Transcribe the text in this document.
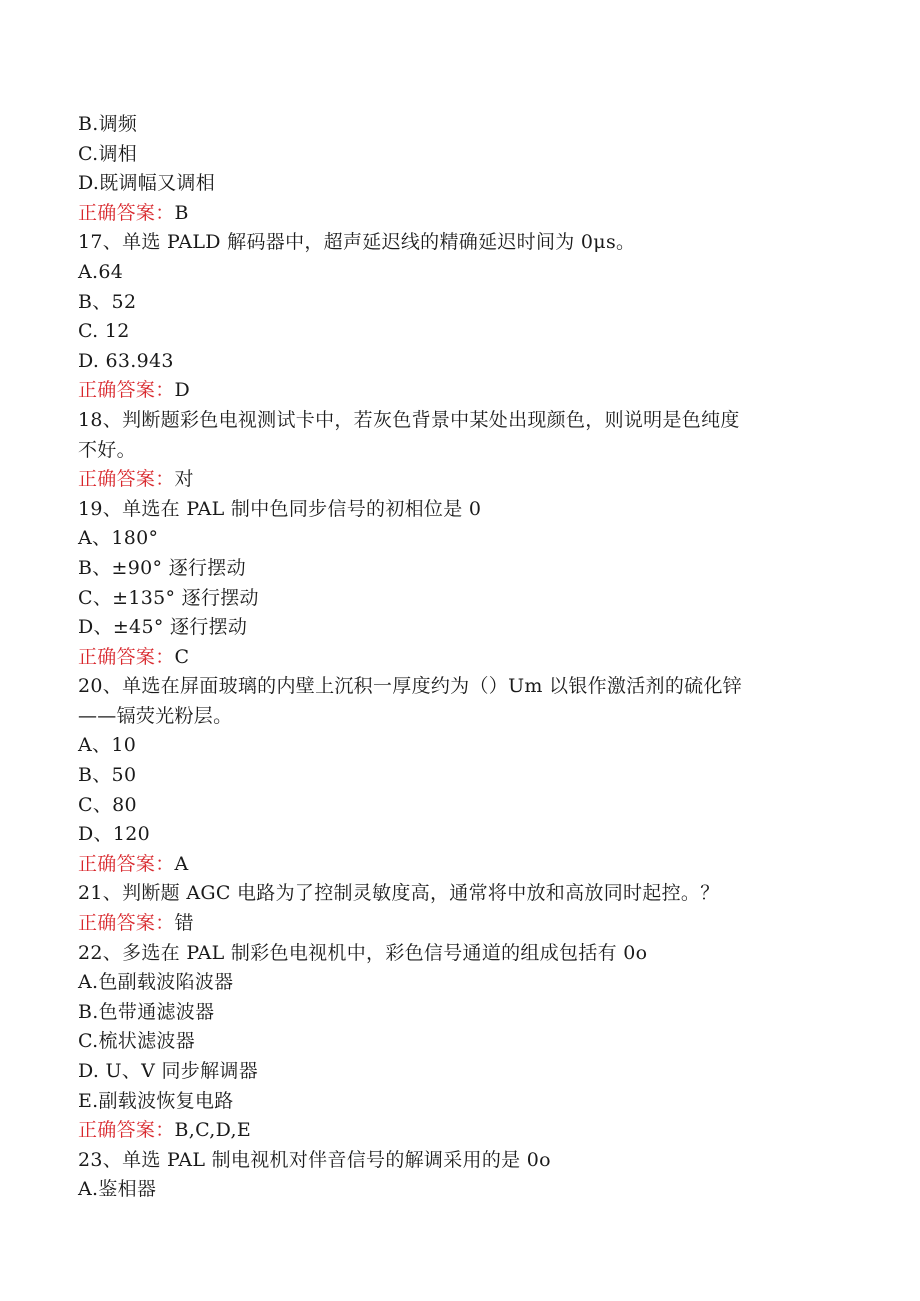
B.调频
C.调相
D.既调幅又调相
正确答案：B
17、单选 PALD 解码器中，超声延迟线的精确延迟时间为 0μs。
A.64
B、52
C. 12
D. 63.943
正确答案：D
18、判断题彩色电视测试卡中，若灰色背景中某处出现颜色，则说明是色纯度
不好。
正确答案：对
19、单选在 PAL 制中色同步信号的初相位是 0
A、180°
B、±90° 逐行摆动
C、±135° 逐行摆动
D、±45° 逐行摆动
正确答案：C
20、单选在屏面玻璃的内壁上沉积一厚度约为（）Um 以银作激活剂的硫化锌
——镉荧光粉层。
A、10
B、50
C、80
D、120
正确答案：A
21、判断题 AGC 电路为了控制灵敏度高，通常将中放和高放同时起控。？
正确答案：错
22、多选在 PAL 制彩色电视机中，彩色信号通道的组成包括有 0o
A.色副载波陷波器
B.色带通滤波器
C.梳状滤波器
D. U、V 同步解调器
E.副载波恢复电路
正确答案：B,C,D,E
23、单选 PAL 制电视机对伴音信号的解调采用的是 0o
A.鉴相器
